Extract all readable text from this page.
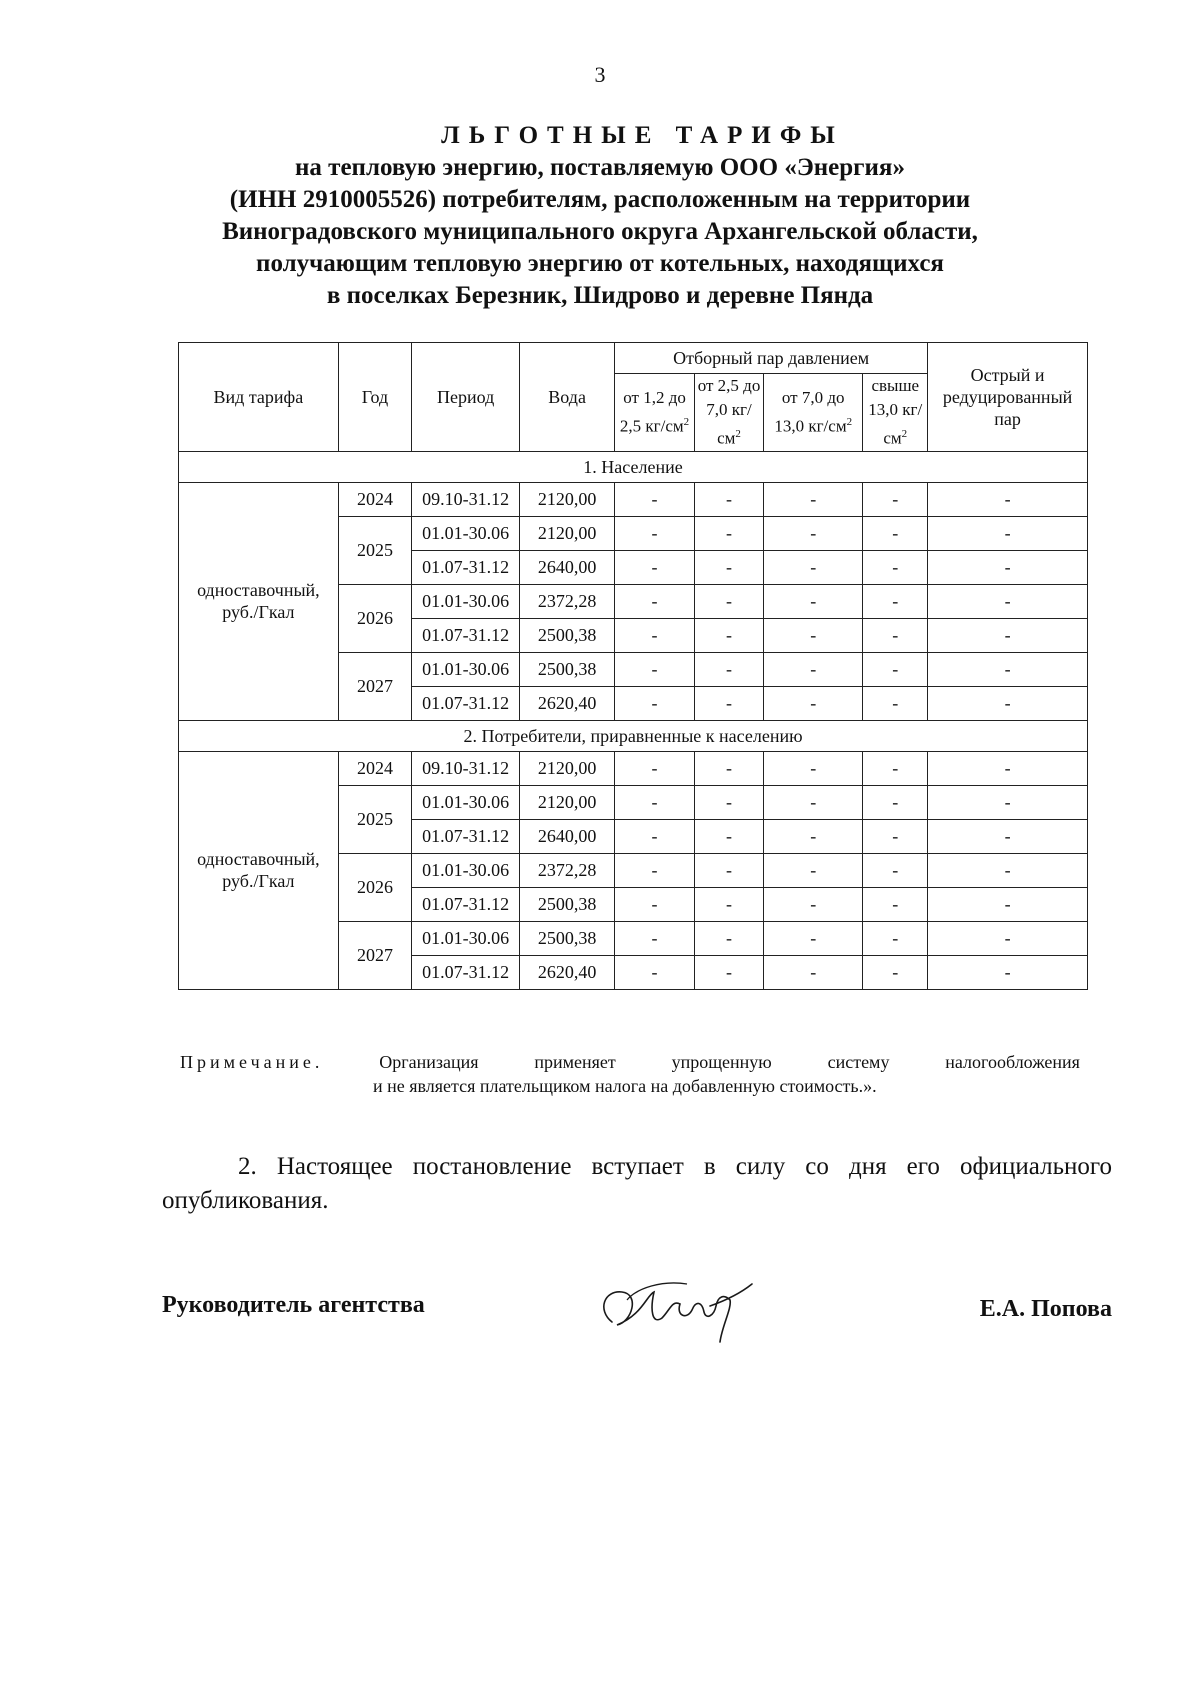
3
ЛЬГОТНЫЕ ТАРИФЫ
на тепловую энергию, поставляемую ООО «Энергия»
(ИНН 2910005526) потребителям, расположенным на территории
Виноградовского муниципального округа Архангельской области,
получающим тепловую энергию от котельных, находящихся
в поселках Березник, Шидрово и деревне Пянда
Вид тарифа	Год	Период	Вода	Отборный пар давлением				Острый и редуцированный пар
				от 1,2 до 2,5 $кг/см^2$	от 2,5 до 7,0 $кг/см^2$	от 7,0 до 13,0 $кг/см^2$	свыше 13,0 $кг/см^2$
1. Население								
одноставочный, руб./Гкал	2024	09.10-31.12	2120,00	-	-	-	-	-
	2025	01.01-30.06	2120,00	-	-	-	-	-
		01.07-31.12	2640,00	-	-	-	-	-
	2026	01.01-30.06	2372,28	-	-	-	-	-
		01.07-31.12	2500,38	-	-	-	-	-
	2027	01.01-30.06	2500,38	-	-	-	-	-
		01.07-31.12	2620,40	-	-	-	-	-
2. Потребители, приравненные к населению								
одноставочный, руб./Гкал	2024	09.10-31.12	2120,00	-	-	-	-	-
	2025	01.01-30.06	2120,00	-	-	-	-	-
		01.07-31.12	2640,00	-	-	-	-	-
	2026	01.01-30.06	2372,28	-	-	-	-	-
		01.07-31.12	2500,38	-	-	-	-	-
	2027	01.01-30.06	2500,38	-	-	-	-	-
		01.07-31.12	2620,40	-	-	-	-	-
Примечание.	Организация	применяет	упрощенную	систему	налогообложения
и не является плательщиком налога на добавленную стоимость.».
2. Настоящее постановление вступает в силу со дня его официального опубликования.
Руководитель агентства	Е.А. Попова
